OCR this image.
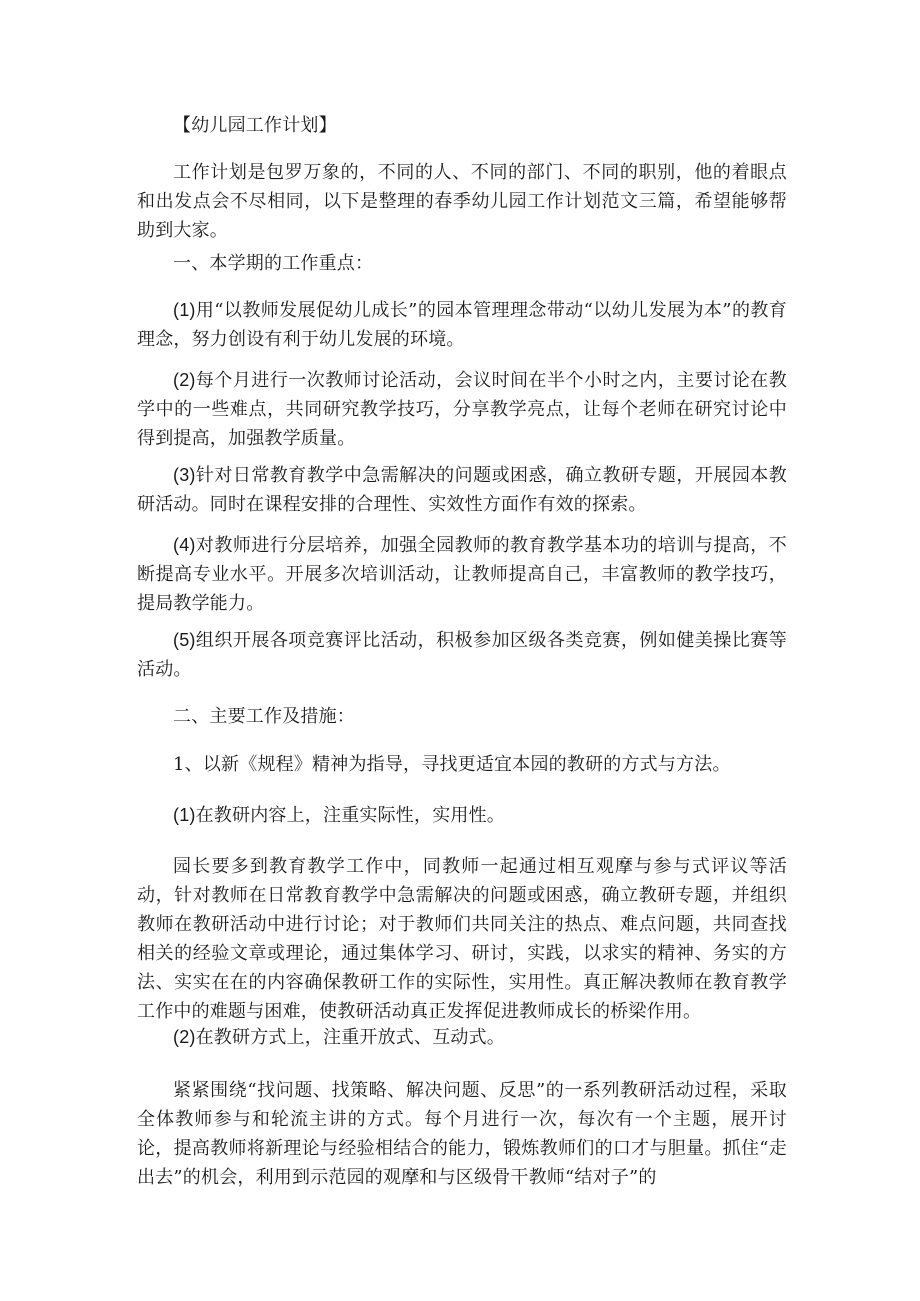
【幼儿园工作计划】

工作计划是包罗万象的，不同的人、不同的部门、不同的职别，他的着眼点和出发点会不尽相同，以下是整理的春季幼儿园工作计划范文三篇，希望能够帮助到大家。

一、本学期的工作重点：

(1)用“以教师发展促幼儿成长”的园本管理理念带动“以幼儿发展为本”的教育理念，努力创设有利于幼儿发展的环境。

(2)每个月进行一次教师讨论活动，会议时间在半个小时之内，主要讨论在教学中的一些难点，共同研究教学技巧，分享教学亮点，让每个老师在研究讨论中得到提高，加强教学质量。

(3)针对日常教育教学中急需解决的问题或困惑，确立教研专题，开展园本教研活动。同时在课程安排的合理性、实效性方面作有效的探索。

(4)对教师进行分层培养，加强全园教师的教育教学基本功的培训与提高，不断提高专业水平。开展多次培训活动，让教师提高自己，丰富教师的教学技巧，提局教学能力。

(5)组织开展各项竞赛评比活动，积极参加区级各类竞赛，例如健美操比赛等活动。

二、主要工作及措施：

1、以新《规程》精神为指导，寻找更适宜本园的教研的方式与方法。

(1)在教研内容上，注重实际性，实用性。

园长要多到教育教学工作中，同教师一起通过相互观摩与参与式评议等活动，针对教师在日常教育教学中急需解决的问题或困惑，确立教研专题，并组织教师在教研活动中进行讨论；对于教师们共同关注的热点、难点问题，共同查找相关的经验文章或理论，通过集体学习、研讨，实践，以求实的精神、务实的方法、实实在在的内容确保教研工作的实际性，实用性。真正解决教师在教育教学工作中的难题与困难，使教研活动真正发挥促进教师成长的桥梁作用。

(2)在教研方式上，注重开放式、互动式。

紧紧围绕“找问题、找策略、解决问题、反思”的一系列教研活动过程，采取全体教师参与和轮流主讲的方式。每个月进行一次，每次有一个主题，展开讨论，提高教师将新理论与经验相结合的能力，锻炼教师们的口才与胆量。抓住“走出去”的机会，利用到示范园的观摩和与区级骨干教师“结对子”的
